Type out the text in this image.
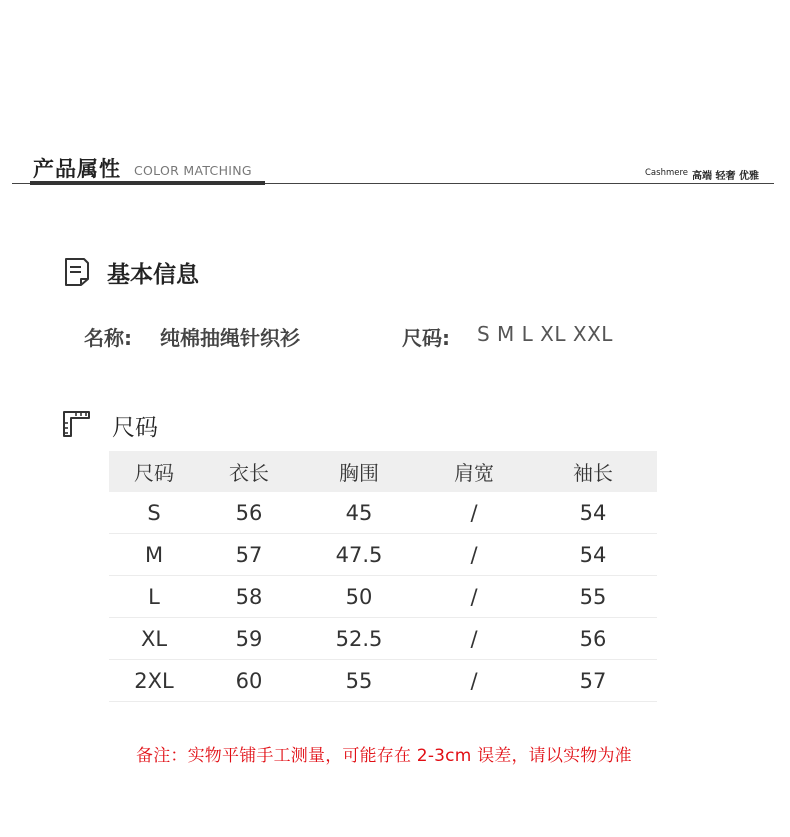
产品属性 COLOR MATCHING	Cashmere 高端 轻奢 优雅
基本信息
名称: 纯棉抽绳针织衫	尺码: S M L XL XXL
尺码
尺码	衣长	胸围	肩宽	袖长
S	56	45	/	54
M	57	47.5	/	54
L	58	50	/	55
XL	59	52.5	/	56
2XL	60	55	/	57
备注：实物平铺手工测量，可能存在 2-3cm 误差，请以实物为准
